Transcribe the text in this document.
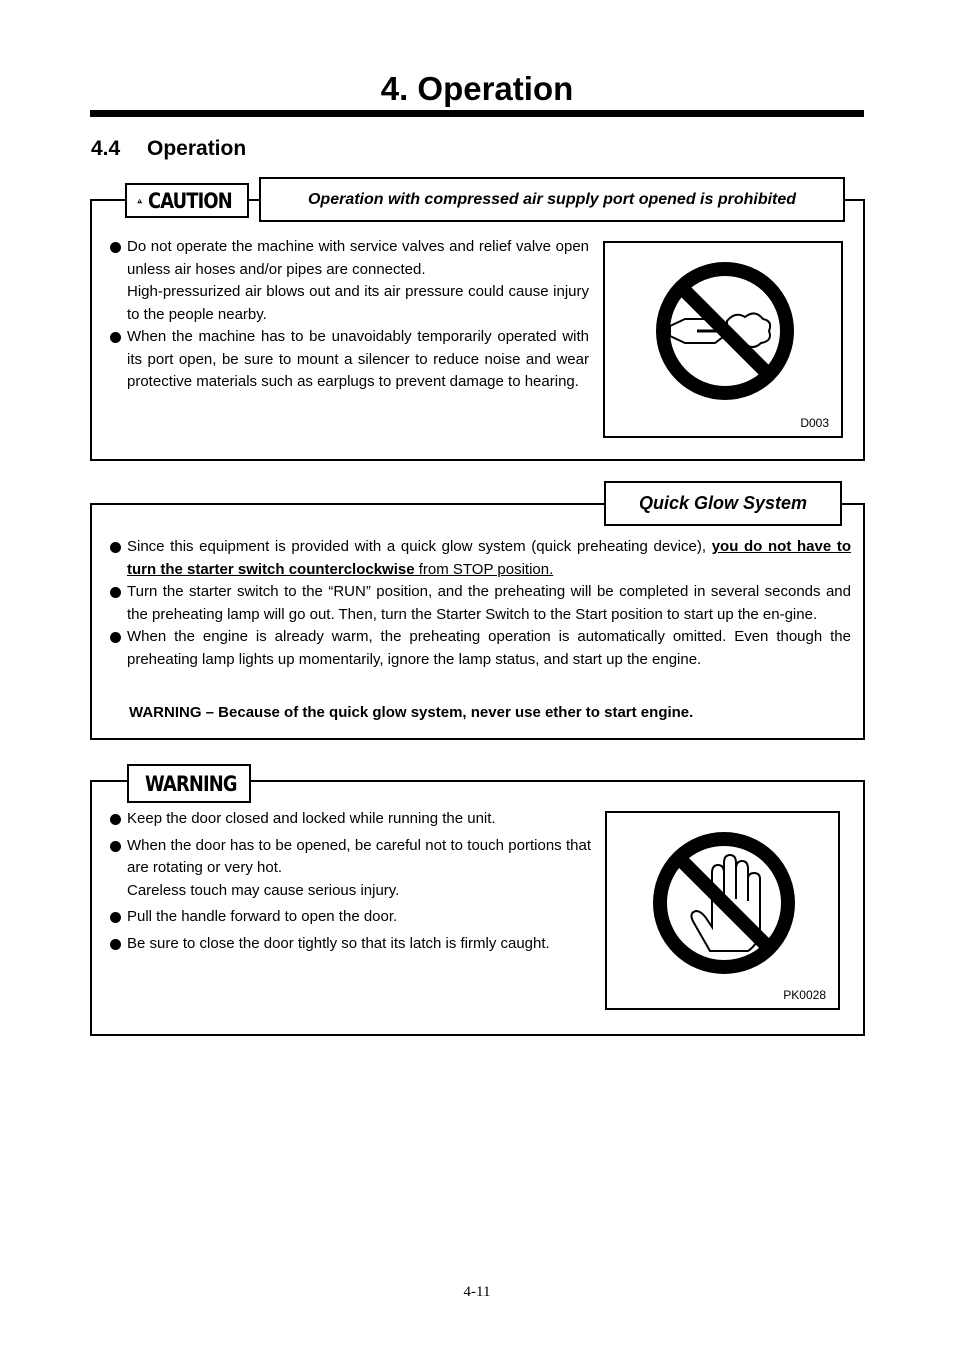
4. Operation
4.4 Operation
CAUTION	Operation with compressed air supply port opened is prohibited
Do not operate the machine with service valves and relief valve open unless air hoses and/or pipes are connected.
High-pressurized air blows out and its air pressure could cause injury to the people nearby.
When the machine has to be unavoidably temporarily operated with its port open, be sure to mount a silencer to reduce noise and wear protective materials such as earplugs to prevent damage to hearing.
D003
Quick Glow System
Since this equipment is provided with a quick glow system (quick preheating device), you do not have to turn the starter switch counterclockwise from STOP position.
Turn the starter switch to the “RUN” position, and the preheating will be completed in several seconds and the preheating lamp will go out. Then, turn the Starter Switch to the Start position to start up the en-gine.
When the engine is already warm, the preheating operation is automatically omitted. Even though the preheating lamp lights up momentarily, ignore the lamp status, and start up the engine.
WARNING – Because of the quick glow system, never use ether to start engine.
WARNING
Keep the door closed and locked while running the unit.
When the door has to be opened, be careful not to touch portions that are rotating or very hot.
Careless touch may cause serious injury.
Pull the handle forward to open the door.
Be sure to close the door tightly so that its latch is firmly caught.
PK0028
4-11
